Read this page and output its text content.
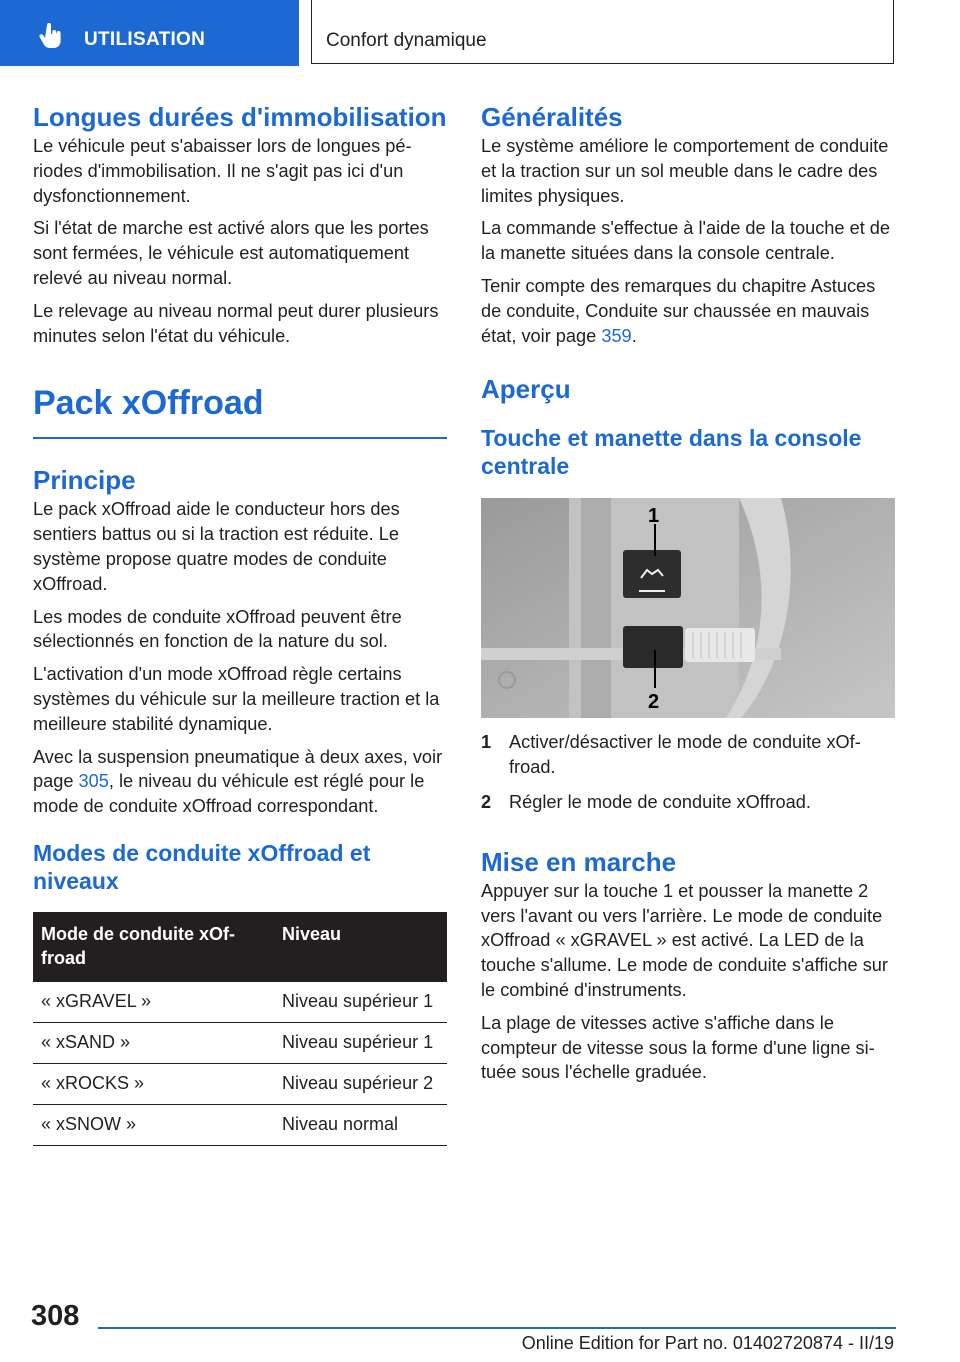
UTILISATION	Confort dynamique
Longues durées d'immobilisation

Le véhicule peut s'abaisser lors de longues périodes d'immobilisation. Il ne s'agit pas ici d'un dysfonctionnement.

Si l'état de marche est activé alors que les portes sont fermées, le véhicule est automatiquement relevé au niveau normal.

Le relevage au niveau normal peut durer plusieurs minutes selon l'état du véhicule.

Pack xOffroad
Principe

Le pack xOffroad aide le conducteur hors des sentiers battus ou si la traction est réduite. Le système propose quatre modes de conduite xOffroad.

Les modes de conduite xOffroad peuvent être sélectionnés en fonction de la nature du sol.

L'activation d'un mode xOffroad règle certains systèmes du véhicule sur la meilleure traction et la meilleure stabilité dynamique.

Avec la suspension pneumatique à deux axes, voir page 305, le niveau du véhicule est réglé pour le mode de conduite xOffroad correspondant.

Modes de conduite xOffroad et niveaux
Mode de conduite xOffroad	Niveau
« xGRAVEL »	Niveau supérieur 1
« xSAND »	Niveau supérieur 1
« xROCKS »	Niveau supérieur 2
« xSNOW »	Niveau normal
Généralités

Le système améliore le comportement de conduite et la traction sur un sol meuble dans le cadre des limites physiques.

La commande s'effectue à l'aide de la touche et de la manette situées dans la console centrale.

Tenir compte des remarques du chapitre Astuces de conduite, Conduite sur chaussée en mauvais état, voir page 359.

Aperçu
Touche et manette dans la console centrale
1
2
1 Activer/désactiver le mode de conduite xOffroad.
2 Régler le mode de conduite xOffroad.
Mise en marche

Appuyer sur la touche 1 et pousser la manette 2 vers l'avant ou vers l'arrière. Le mode de conduite xOffroad « xGRAVEL » est activé. La LED de la touche s'allume. Le mode de conduite s'affiche sur le combiné d'instruments.

La plage de vitesses active s'affiche dans le compteur de vitesse sous la forme d'une ligne située sous l'échelle graduée.

308
Online Edition for Part no. 01402720874 - II/19
